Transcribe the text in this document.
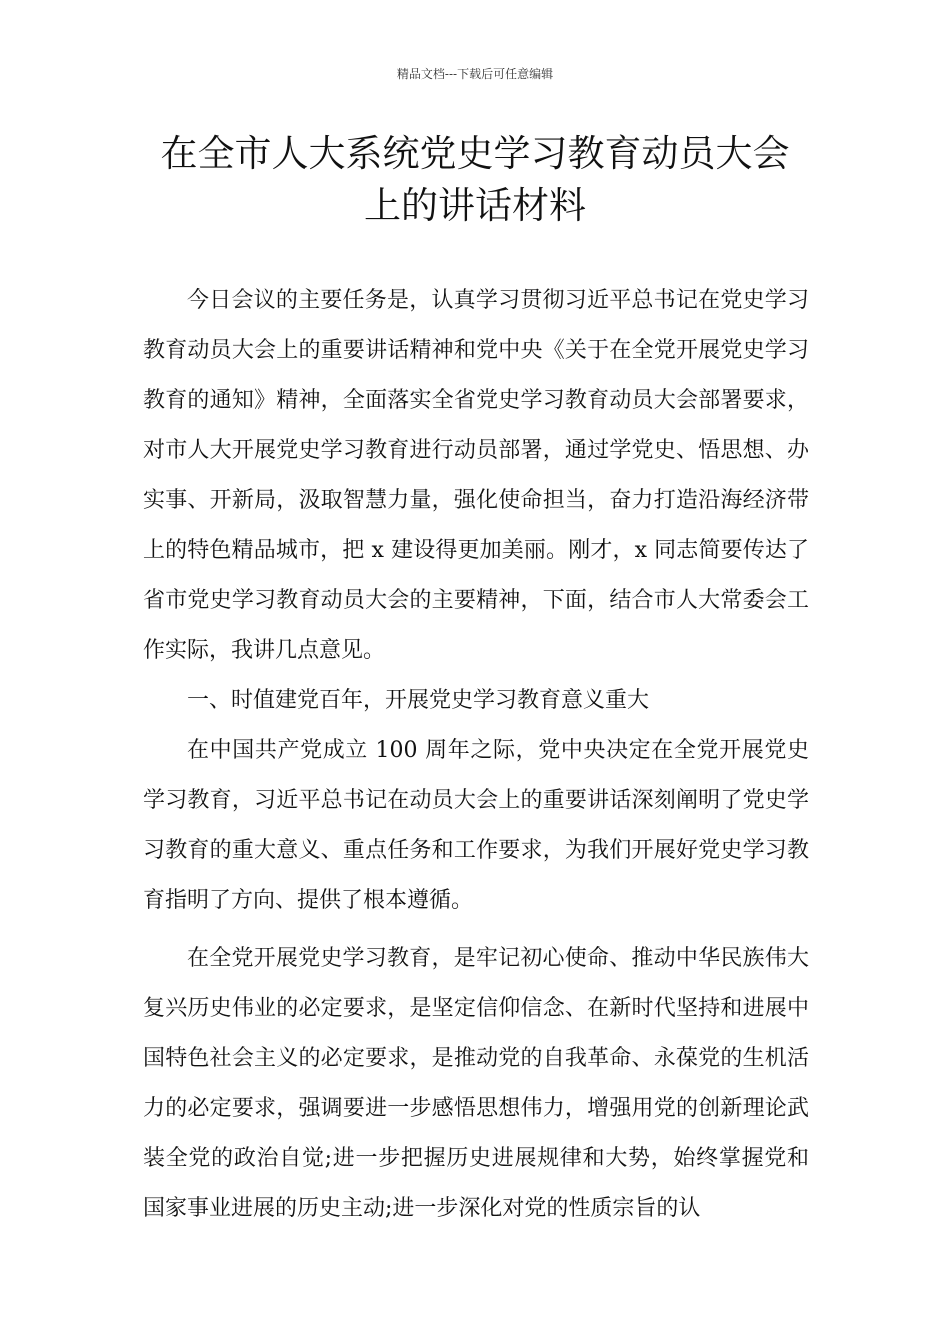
精品文档---下载后可任意编辑
在全市人大系统党史学习教育动员大会
上的讲话材料

今日会议的主要任务是，认真学习贯彻习近平总书记在党史学习教育动员大会上的重要讲话精神和党中央《关于在全党开展党史学习教育的通知》精神，全面落实全省党史学习教育动员大会部署要求，对市人大开展党史学习教育进行动员部署，通过学党史、悟思想、办实事、开新局，汲取智慧力量，强化使命担当，奋力打造沿海经济带上的特色精品城市，把 x 建设得更加美丽。刚才，x 同志简要传达了省市党史学习教育动员大会的主要精神，下面，结合市人大常委会工作实际，我讲几点意见。

一、时值建党百年，开展党史学习教育意义重大

在中国共产党成立 100 周年之际，党中央决定在全党开展党史学习教育，习近平总书记在动员大会上的重要讲话深刻阐明了党史学习教育的重大意义、重点任务和工作要求，为我们开展好党史学习教育指明了方向、提供了根本遵循。

在全党开展党史学习教育，是牢记初心使命、推动中华民族伟大复兴历史伟业的必定要求，是坚定信仰信念、在新时代坚持和进展中国特色社会主义的必定要求，是推动党的自我革命、永葆党的生机活力的必定要求，强调要进一步感悟思想伟力，增强用党的创新理论武装全党的政治自觉;进一步把握历史进展规律和大势，始终掌握党和国家事业进展的历史主动;进一步深化对党的性质宗旨的认
